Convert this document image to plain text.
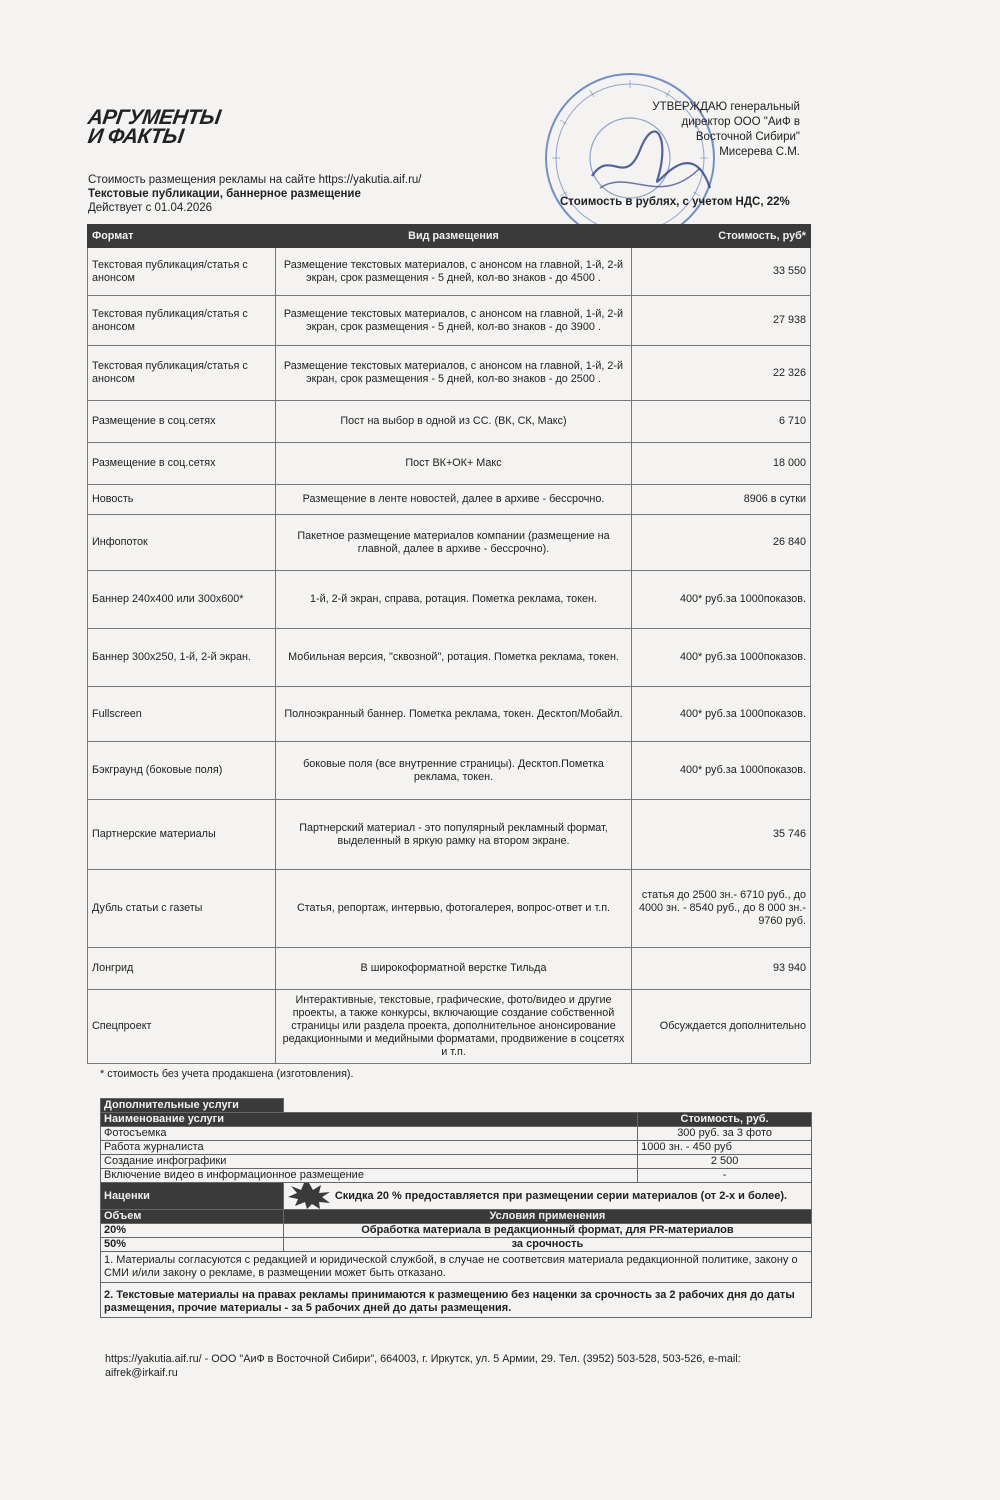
АРГУМЕНТЫ
И ФАКТЫ
УТВЕРЖДАЮ генеральный
директор ООО "АиФ в
Восточной Сибири"
Мисерева С.М.
Стоимость размещения рекламы на сайте https://yakutia.aif.ru/
Текстовые публикации, баннерное размещение
Действует с 01.04.2026	Стоимость в рублях, с учетом НДС, 22%
Формат	Вид размещения	Стоимость, руб*
Текстовая публикация/статья с анонсом	Размещение текстовых материалов, с анонсом на главной, 1-й, 2-й экран, срок размещения - 5 дней, кол-во знаков - до 4500 .	33 550
Текстовая публикация/статья с анонсом	Размещение текстовых материалов, с анонсом на главной, 1-й, 2-й экран, срок размещения - 5 дней, кол-во знаков - до 3900 .	27 938
Текстовая публикация/статья с анонсом	Размещение текстовых материалов, с анонсом на главной, 1-й, 2-й экран, срок размещения - 5 дней, кол-во знаков - до 2500 .	22 326
Размещение в соц.сетях	Пост на выбор в одной из СС. (ВК, СК, Макс)	6 710
Размещение в соц.сетях	Пост ВК+ОК+ Макс	18 000
Новость	Размещение в ленте новостей, далее в архиве - бессрочно.	8906 в сутки
Инфопоток	Пакетное размещение материалов компании (размещение на главной, далее в архиве - бессрочно).	26 840
Баннер 240х400 или 300х600*	1-й, 2-й экран, справа, ротация. Пометка реклама, токен.	400* руб.за 1000показов.
Баннер 300х250, 1-й, 2-й экран.	Мобильная версия, "сквозной", ротация. Пометка реклама, токен.	400* руб.за 1000показов.
Fullscreen	Полноэкранный баннер. Пометка реклама, токен. Десктоп/Мобайл.	400* руб.за 1000показов.
Бэкграунд (боковые поля)	боковые поля (все внутренние страницы). Десктоп.Пометка реклама, токен.	400* руб.за 1000показов.
Партнерские материалы	Партнерский материал - это популярный рекламный формат, выделенный в яркую рамку на втором экране.	35 746
Дубль статьи с газеты	Статья, репортаж, интервью, фотогалерея, вопрос-ответ и т.п.	статья до 2500 зн.- 6710 руб., до 4000 зн. - 8540 руб., до 8 000 зн.- 9760 руб.
Лонгрид	В широкоформатной верстке Тильда	93 940
Спецпроект	Интерактивные, текстовые, графические, фото/видео и другие проекты, а также конкурсы, включающие создание собственной страницы или раздела проекта, дополнительное анонсирование редакционными и медийными форматами, продвижение в соцсетях и т.п.	Обсуждается дополнительно
* стоимость без учета продакшена (изготовления).
Дополнительные услуги		
Наименование услуги		Стоимость, руб.
Фотосъемка		300 руб. за 3 фото
Работа журналиста		1000 зн. - 450 руб
Создание инфографики		2 500
Включение видео в информационное размещение		-
Наценки	Скидка 20 % предоставляется при размещении серии материалов (от 2-х и более).	
Объем	Условия применения	
20%	Обработка материала в редакционный формат, для PR-материалов	
50%	за срочность	
1. Материалы согласуются с редакцией и юридической службой, в случае не соответсвия материала редакционной политике, закону о СМИ и/или закону о рекламе, в размещении может быть отказано.		
2. Текстовые материалы на правах рекламы принимаются к размещению без наценки за срочность за 2 рабочих дня до даты размещения, прочие материалы - за 5 рабочих дней до даты размещения.		
https://yakutia.aif.ru/ - ООО "АиФ в Восточной Сибири", 664003, г. Иркутск, ул. 5 Армии, 29. Тел. (3952) 503-528, 503-526, e-mail: aifrek@irkaif.ru
